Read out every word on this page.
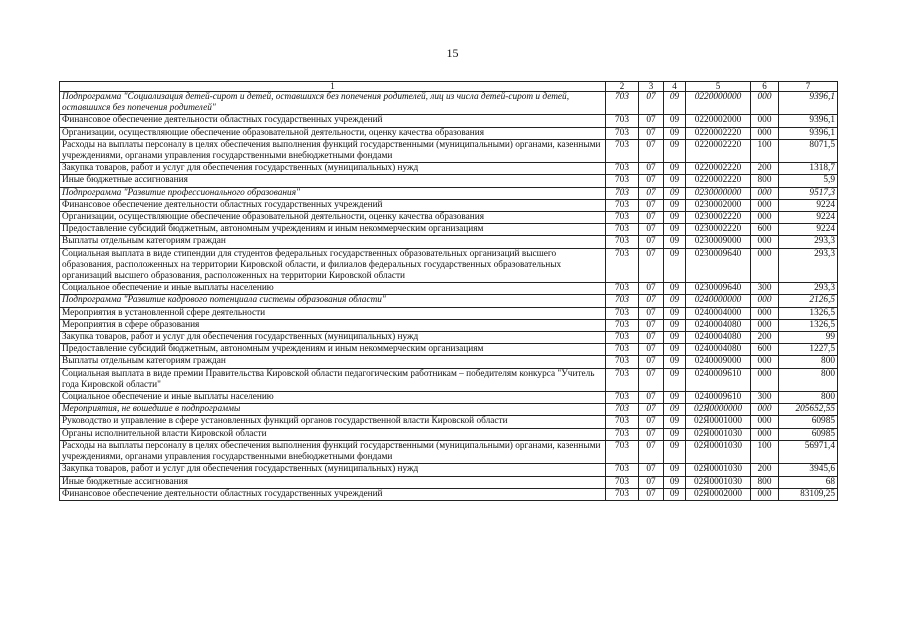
15
1	2	3	4	5	6	7
Подпрограмма "Социализация детей-сирот и детей, оставшихся без попечения родителей, лиц из числа детей-сирот и детей, оставшихся без попечения родителей"	703	07	09	0220000000	000	9396,1
Финансовое обеспечение деятельности областных государственных учреждений	703	07	09	0220002000	000	9396,1
Организации, осуществляющие обеспечение образовательной деятельности, оценку качества образования	703	07	09	0220002220	000	9396,1
Расходы на выплаты персоналу в целях обеспечения выполнения функций государственными (муниципальными) органами, казенными учреждениями, органами управления государственными внебюджетными фондами	703	07	09	0220002220	100	8071,5
Закупка товаров, работ и услуг для обеспечения государственных (муниципальных) нужд	703	07	09	0220002220	200	1318,7
Иные бюджетные ассигнования	703	07	09	0220002220	800	5,9
Подпрограмма "Развитие профессионального образования"	703	07	09	0230000000	000	9517,3
Финансовое обеспечение деятельности областных государственных учреждений	703	07	09	0230002000	000	9224
Организации, осуществляющие обеспечение образовательной деятельности, оценку качества образования	703	07	09	0230002220	000	9224
Предоставление субсидий бюджетным, автономным учреждениям и иным некоммерческим организациям	703	07	09	0230002220	600	9224
Выплаты отдельным категориям граждан	703	07	09	0230009000	000	293,3
Социальная выплата в виде стипендии для студентов федеральных государственных образовательных организаций высшего образования, расположенных на территории Кировской области, и филиалов федеральных государственных образовательных организаций высшего образования, расположенных на территории Кировской области	703	07	09	0230009640	000	293,3
Социальное обеспечение и иные выплаты населению	703	07	09	0230009640	300	293,3
Подпрограмма "Развитие кадрового потенциала системы образования области"	703	07	09	0240000000	000	2126,5
Мероприятия в установленной сфере деятельности	703	07	09	0240004000	000	1326,5
Мероприятия в сфере образования	703	07	09	0240004080	000	1326,5
Закупка товаров, работ и услуг для обеспечения государственных (муниципальных) нужд	703	07	09	0240004080	200	99
Предоставление субсидий бюджетным, автономным учреждениям и иным некоммерческим организациям	703	07	09	0240004080	600	1227,5
Выплаты отдельным категориям граждан	703	07	09	0240009000	000	800
Социальная выплата в виде премии Правительства Кировской области педагогическим работникам – победителям конкурса "Учитель года Кировской области"	703	07	09	0240009610	000	800
Социальное обеспечение и иные выплаты населению	703	07	09	0240009610	300	800
Мероприятия, не вошедшие в подпрограммы	703	07	09	02Я0000000	000	205652,55
Руководство и управление в сфере установленных функций органов государственной власти Кировской области	703	07	09	02Я0001000	000	60985
Органы исполнительной власти Кировской области	703	07	09	02Я0001030	000	60985
Расходы на выплаты персоналу в целях обеспечения выполнения функций государственными (муниципальными) органами, казенными учреждениями, органами управления государственными внебюджетными фондами	703	07	09	02Я0001030	100	56971,4
Закупка товаров, работ и услуг для обеспечения государственных (муниципальных) нужд	703	07	09	02Я0001030	200	3945,6
Иные бюджетные ассигнования	703	07	09	02Я0001030	800	68
Финансовое обеспечение деятельности областных государственных учреждений	703	07	09	02Я0002000	000	83109,25
